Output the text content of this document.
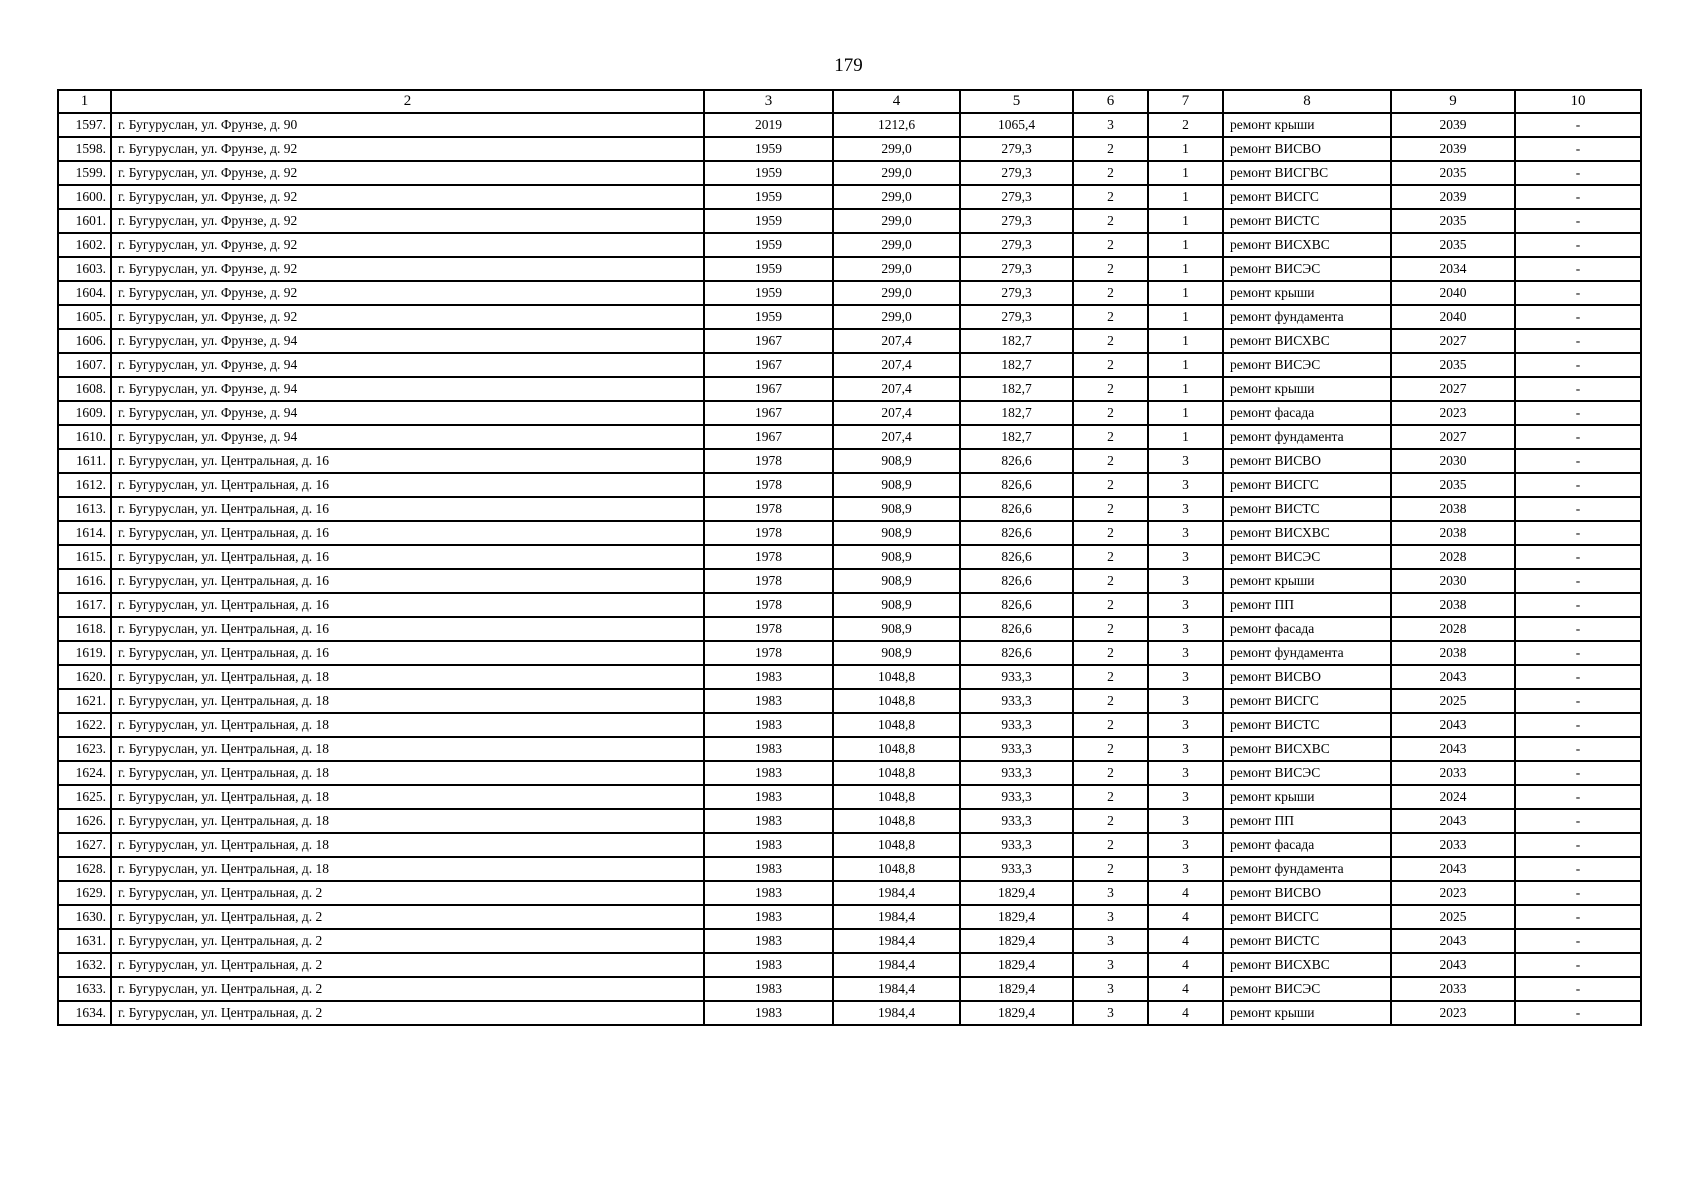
179
1	2	3	4	5	6	7	8	9	10
1597.	г. Бугуруслан, ул. Фрунзе, д. 90	2019	1212,6	1065,4	3	2	ремонт крыши	2039	-
1598.	г. Бугуруслан, ул. Фрунзе, д. 92	1959	299,0	279,3	2	1	ремонт ВИСВО	2039	-
1599.	г. Бугуруслан, ул. Фрунзе, д. 92	1959	299,0	279,3	2	1	ремонт ВИСГВС	2035	-
1600.	г. Бугуруслан, ул. Фрунзе, д. 92	1959	299,0	279,3	2	1	ремонт ВИСГС	2039	-
1601.	г. Бугуруслан, ул. Фрунзе, д. 92	1959	299,0	279,3	2	1	ремонт ВИСТС	2035	-
1602.	г. Бугуруслан, ул. Фрунзе, д. 92	1959	299,0	279,3	2	1	ремонт ВИСХВС	2035	-
1603.	г. Бугуруслан, ул. Фрунзе, д. 92	1959	299,0	279,3	2	1	ремонт ВИСЭС	2034	-
1604.	г. Бугуруслан, ул. Фрунзе, д. 92	1959	299,0	279,3	2	1	ремонт крыши	2040	-
1605.	г. Бугуруслан, ул. Фрунзе, д. 92	1959	299,0	279,3	2	1	ремонт фундамента	2040	-
1606.	г. Бугуруслан, ул. Фрунзе, д. 94	1967	207,4	182,7	2	1	ремонт ВИСХВС	2027	-
1607.	г. Бугуруслан, ул. Фрунзе, д. 94	1967	207,4	182,7	2	1	ремонт ВИСЭС	2035	-
1608.	г. Бугуруслан, ул. Фрунзе, д. 94	1967	207,4	182,7	2	1	ремонт крыши	2027	-
1609.	г. Бугуруслан, ул. Фрунзе, д. 94	1967	207,4	182,7	2	1	ремонт фасада	2023	-
1610.	г. Бугуруслан, ул. Фрунзе, д. 94	1967	207,4	182,7	2	1	ремонт фундамента	2027	-
1611.	г. Бугуруслан, ул. Центральная, д. 16	1978	908,9	826,6	2	3	ремонт ВИСВО	2030	-
1612.	г. Бугуруслан, ул. Центральная, д. 16	1978	908,9	826,6	2	3	ремонт ВИСГС	2035	-
1613.	г. Бугуруслан, ул. Центральная, д. 16	1978	908,9	826,6	2	3	ремонт ВИСТС	2038	-
1614.	г. Бугуруслан, ул. Центральная, д. 16	1978	908,9	826,6	2	3	ремонт ВИСХВС	2038	-
1615.	г. Бугуруслан, ул. Центральная, д. 16	1978	908,9	826,6	2	3	ремонт ВИСЭС	2028	-
1616.	г. Бугуруслан, ул. Центральная, д. 16	1978	908,9	826,6	2	3	ремонт крыши	2030	-
1617.	г. Бугуруслан, ул. Центральная, д. 16	1978	908,9	826,6	2	3	ремонт ПП	2038	-
1618.	г. Бугуруслан, ул. Центральная, д. 16	1978	908,9	826,6	2	3	ремонт фасада	2028	-
1619.	г. Бугуруслан, ул. Центральная, д. 16	1978	908,9	826,6	2	3	ремонт фундамента	2038	-
1620.	г. Бугуруслан, ул. Центральная, д. 18	1983	1048,8	933,3	2	3	ремонт ВИСВО	2043	-
1621.	г. Бугуруслан, ул. Центральная, д. 18	1983	1048,8	933,3	2	3	ремонт ВИСГС	2025	-
1622.	г. Бугуруслан, ул. Центральная, д. 18	1983	1048,8	933,3	2	3	ремонт ВИСТС	2043	-
1623.	г. Бугуруслан, ул. Центральная, д. 18	1983	1048,8	933,3	2	3	ремонт ВИСХВС	2043	-
1624.	г. Бугуруслан, ул. Центральная, д. 18	1983	1048,8	933,3	2	3	ремонт ВИСЭС	2033	-
1625.	г. Бугуруслан, ул. Центральная, д. 18	1983	1048,8	933,3	2	3	ремонт крыши	2024	-
1626.	г. Бугуруслан, ул. Центральная, д. 18	1983	1048,8	933,3	2	3	ремонт ПП	2043	-
1627.	г. Бугуруслан, ул. Центральная, д. 18	1983	1048,8	933,3	2	3	ремонт фасада	2033	-
1628.	г. Бугуруслан, ул. Центральная, д. 18	1983	1048,8	933,3	2	3	ремонт фундамента	2043	-
1629.	г. Бугуруслан, ул. Центральная, д. 2	1983	1984,4	1829,4	3	4	ремонт ВИСВО	2023	-
1630.	г. Бугуруслан, ул. Центральная, д. 2	1983	1984,4	1829,4	3	4	ремонт ВИСГС	2025	-
1631.	г. Бугуруслан, ул. Центральная, д. 2	1983	1984,4	1829,4	3	4	ремонт ВИСТС	2043	-
1632.	г. Бугуруслан, ул. Центральная, д. 2	1983	1984,4	1829,4	3	4	ремонт ВИСХВС	2043	-
1633.	г. Бугуруслан, ул. Центральная, д. 2	1983	1984,4	1829,4	3	4	ремонт ВИСЭС	2033	-
1634.	г. Бугуруслан, ул. Центральная, д. 2	1983	1984,4	1829,4	3	4	ремонт крыши	2023	-
